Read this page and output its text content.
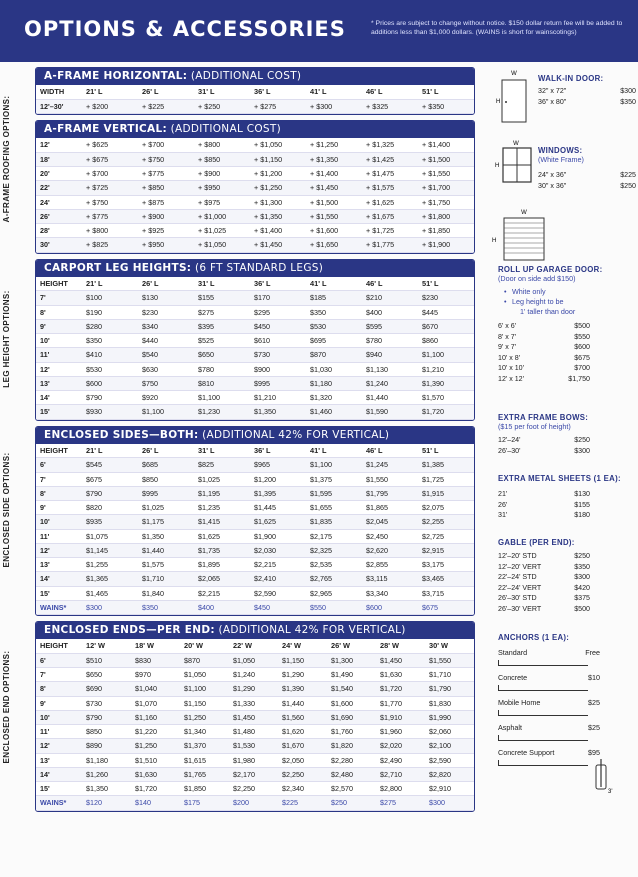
OPTIONS & ACCESSORIES	* Prices are subject to change without notice. $150 dollar return fee will be added to additions less than $1,000 dollars. (WAINS is short for wainscotings)
A-FRAME ROOFING OPTIONS:
LEG HEIGHT OPTIONS:
ENCLOSED SIDE OPTIONS:
ENCLOSED END OPTIONS:
A-FRAME HORIZONTAL: (ADDITIONAL COST)
WIDTH	21' L	26' L	31' L	36' L	41' L	46' L	51' L
12'–30'	+ $200	+ $225	+ $250	+ $275	+ $300	+ $325	+ $350
A-FRAME VERTICAL: (ADDITIONAL COST)
12'	+ $625	+ $700	+ $800	+ $1,050	+ $1,250	+ $1,325	+ $1,400
18'	+ $675	+ $750	+ $850	+ $1,150	+ $1,350	+ $1,425	+ $1,500
20'	+ $700	+ $775	+ $900	+ $1,200	+ $1,400	+ $1,475	+ $1,550
22'	+ $725	+ $850	+ $950	+ $1,250	+ $1,450	+ $1,575	+ $1,700
24'	+ $750	+ $875	+ $975	+ $1,300	+ $1,500	+ $1,625	+ $1,750
26'	+ $775	+ $900	+ $1,000	+ $1,350	+ $1,550	+ $1,675	+ $1,800
28'	+ $800	+ $925	+ $1,025	+ $1,400	+ $1,600	+ $1,725	+ $1,850
30'	+ $825	+ $950	+ $1,050	+ $1,450	+ $1,650	+ $1,775	+ $1,900
CARPORT LEG HEIGHTS: (6 FT STANDARD LEGS)
HEIGHT	21' L	26' L	31' L	36' L	41' L	46' L	51' L
7'	$100	$130	$155	$170	$185	$210	$230
8'	$190	$230	$275	$295	$350	$400	$445
9'	$280	$340	$395	$450	$530	$595	$670
10'	$350	$440	$525	$610	$695	$780	$860
11'	$410	$540	$650	$730	$870	$940	$1,100
12'	$530	$630	$780	$900	$1,030	$1,130	$1,210
13'	$600	$750	$810	$995	$1,180	$1,240	$1,390
14'	$790	$920	$1,100	$1,210	$1,320	$1,440	$1,570
15'	$930	$1,100	$1,230	$1,350	$1,460	$1,590	$1,720
ENCLOSED SIDES—BOTH: (ADDITIONAL 42% FOR VERTICAL)
HEIGHT	21' L	26' L	31' L	36' L	41' L	46' L	51' L
6'	$545	$685	$825	$965	$1,100	$1,245	$1,385
7'	$675	$850	$1,025	$1,200	$1,375	$1,550	$1,725
8'	$790	$995	$1,195	$1,395	$1,595	$1,795	$1,915
9'	$820	$1,025	$1,235	$1,445	$1,655	$1,865	$2,075
10'	$935	$1,175	$1,415	$1,625	$1,835	$2,045	$2,255
11'	$1,075	$1,350	$1,625	$1,900	$2,175	$2,450	$2,725
12'	$1,145	$1,440	$1,735	$2,030	$2,325	$2,620	$2,915
13'	$1,255	$1,575	$1,895	$2,215	$2,535	$2,855	$3,175
14'	$1,365	$1,710	$2,065	$2,410	$2,765	$3,115	$3,465
15'	$1,465	$1,840	$2,215	$2,590	$2,965	$3,340	$3,715
WAINS*	$300	$350	$400	$450	$550	$600	$675
ENCLOSED ENDS—PER END: (ADDITIONAL 42% FOR VERTICAL)
HEIGHT	12' W	18' W	20' W	22' W	24' W	26' W	28' W	30' W
6'	$510	$830	$870	$1,050	$1,150	$1,300	$1,450	$1,550
7'	$650	$970	$1,050	$1,240	$1,290	$1,490	$1,630	$1,710
8'	$690	$1,040	$1,100	$1,290	$1,390	$1,540	$1,720	$1,790
9'	$730	$1,070	$1,150	$1,330	$1,440	$1,600	$1,770	$1,830
10'	$790	$1,160	$1,250	$1,450	$1,560	$1,690	$1,910	$1,990
11'	$850	$1,220	$1,340	$1,480	$1,620	$1,760	$1,960	$2,060
12'	$890	$1,250	$1,370	$1,530	$1,670	$1,820	$2,020	$2,100
13'	$1,180	$1,510	$1,615	$1,980	$2,050	$2,280	$2,490	$2,590
14'	$1,260	$1,630	$1,765	$2,170	$2,250	$2,480	$2,710	$2,820
15'	$1,350	$1,720	$1,850	$2,250	$2,340	$2,570	$2,800	$2,910
WAINS*	$120	$140	$175	$200	$225	$250	$275	$300
W
H
WALK-IN DOOR:
32" x 72"	$300
36" x 80"	$350
W
H
WINDOWS:
(White Frame)
24" x 36"	$225
30" x 36"	$250
W
H
ROLL UP GARAGE DOOR:
(Door on side add $150)
• White only
• Leg height to be
1' taller than door
6' x 6'	$500
8' x 7'	$550
9' x 7'	$600
10' x 8'	$675
10' x 10'	$700
12' x 12'	$1,750
EXTRA FRAME BOWS:
($15 per foot of height)
12'–24'	$250
26'–30'	$300
EXTRA METAL SHEETS (1 EA):
21'	$130
26'	$155
31'	$180
GABLE (PER END):
12'–20' STD	$250
12'–20' VERT	$350
22'–24' STD	$300
22'–24' VERT	$420
26'–30' STD	$375
26'–30' VERT	$500
ANCHORS (1 EA):
Standard	Free
Concrete	$10
Mobile Home	$25
Asphalt	$25
Concrete Support	$95
3'
